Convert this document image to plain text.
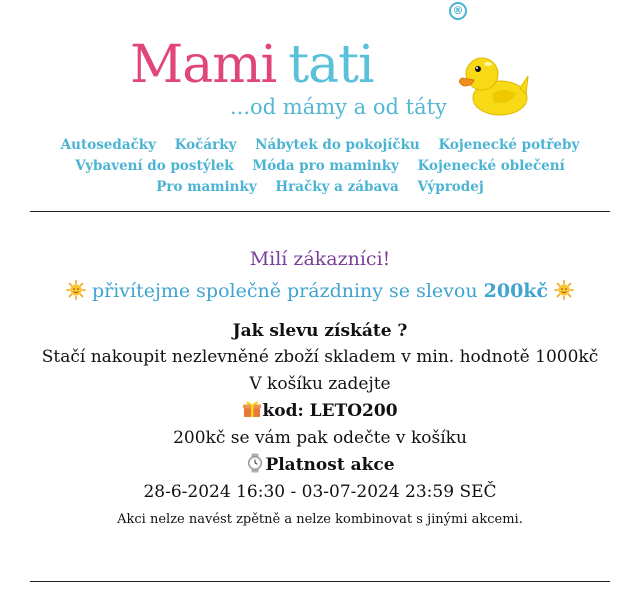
Mami tati
...od mámy a od táty
®
Autosedačky Kočárky Nábytek do pokojíčku Kojenecké potřeby
Vybavení do postýlek Móda pro maminky Kojenecké oblečení
Pro maminky Hračky a zábava Výprodej
Milí zákazníci!
přivítejme společně prázdniny se slevou 200kč
Jak slevu získáte ?
Stačí nakoupit nezlevněné zboží skladem v min. hodnotě 1000kč
V košíku zadejte
kod: LETO200
200kč se vám pak odečte v košíku
Platnost akce
28-6-2024 16:30 - 03-07-2024 23:59 SEČ
Akci nelze navést zpětně a nelze kombinovat s jinými akcemi.
